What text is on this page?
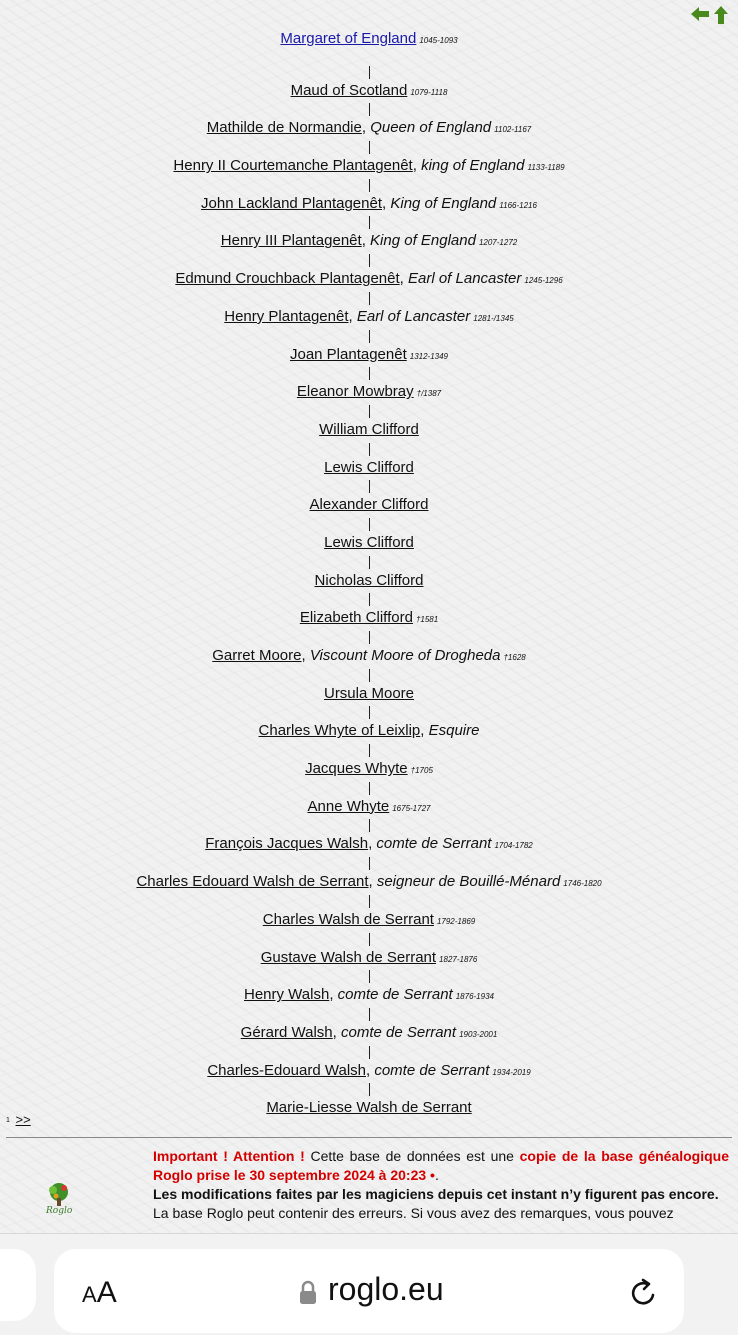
Margaret of England 1045-1093
Maud of Scotland 1079-1118
Mathilde de Normandie, Queen of England 1102-1167
Henry II Courtemanche Plantagenêt, king of England 1133-1189
John Lackland Plantagenêt, King of England 1166-1216
Henry III Plantagenêt, King of England 1207-1272
Edmund Crouchback Plantagenêt, Earl of Lancaster 1245-1296
Henry Plantagenêt, Earl of Lancaster 1281-/1345
Joan Plantagenêt 1312-1349
Eleanor Mowbray †/1387
William Clifford
Lewis Clifford
Alexander Clifford
Lewis Clifford
Nicholas Clifford
Elizabeth Clifford †1581
Garret Moore, Viscount Moore of Drogheda †1628
Ursula Moore
Charles Whyte of Leixlip, Esquire
Jacques Whyte †1705
Anne Whyte 1675-1727
François Jacques Walsh, comte de Serrant 1704-1782
Charles Edouard Walsh de Serrant, seigneur de Bouillé-Ménard 1746-1820
Charles Walsh de Serrant 1792-1869
Gustave Walsh de Serrant 1827-1876
Henry Walsh, comte de Serrant 1876-1934
Gérard Walsh, comte de Serrant 1903-2001
Charles-Edouard Walsh, comte de Serrant 1934-2019
Marie-Liesse Walsh de Serrant
1 >>
Roglo
Important ! Attention ! Cette base de données est une copie de la base généalogique Roglo prise le 30 septembre 2024 à 20:23 •.
Les modifications faites par les magiciens depuis cet instant n’y figurent pas encore.
La base Roglo peut contenir des erreurs. Si vous avez des remarques, vous pouvez
AA	roglo.eu
